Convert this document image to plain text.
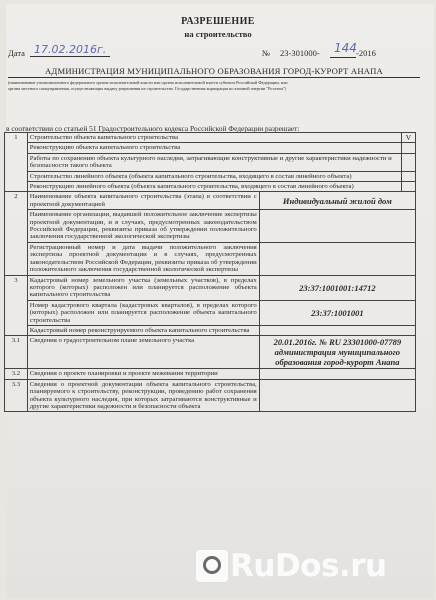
РАЗРЕШЕНИЕ
на строительство
Дата 17.02.2016г.	№ 23-301000- 144 -2016
АДМИНИСТРАЦИЯ МУНИЦИПАЛЬНОГО ОБРАЗОВАНИЯ ГОРОД-КУРОРТ АНАПА
(наименование уполномоченного федерального органа исполнительной власти или органа исполнительной власти субъекта Российской Федерации, или
органа местного самоуправления, осуществляющих выдачу разрешения на строительство. Государственная корпорация по атомной энергии "Росатом")
в соответствии со статьей 51 Градостроительного кодекса Российской Федерации разрешает:
1	Строительство объекта капитального строительства		V
	Реконструкцию объекта капитального строительства		
	Работы по сохранению объекта культурного наследия, затрагивающие конструктивные и другие характеристики надежности и безопасности такого объекта		
	Строительство линейного объекта (объекта капитального строительства, входящего в состав линейного объекта)		
	Реконструкцию линейного объекта (объекта капитального строительства, входящего в состав линейного объекта)		
2	Наименование объекта капитального строительства (этапа) в соответствии с проектной документацией	Индивидуальный жилой дом	
	Наименование организации, выдавшей положительное заключение экспертизы проектной документации, и в случаях, предусмотренных законодательством Российской Федерации, реквизиты приказа об утверждении положительного заключения государственной экологической экспертизы		
	Регистрационный номер и дата выдачи положительного заключения экспертизы проектной документации и в случаях, предусмотренных законодательством Российской Федерации, реквизиты приказа об утверждении положительного заключения государственной экологической экспертизы		
3	Кадастровый номер земельного участка (земельных участков), в пределах которого (которых) расположен или планируется расположение объекта капитального строительства	23:37:1001001:14712	
	Номер кадастрового квартала (кадастровых кварталов), в пределах которого (которых) расположен или планируется расположение объекта капитального строительства	23:37:1001001	
	Кадастровый номер реконструируемого объекта капитального строительства		
3.1	Сведения о градостроительном плане земельного участка	20.01.2016г. № RU 23301000-07789 администрация муниципального образования город-курорт Анапа	
3.2	Сведения о проекте планировки и проекте межевания территории		
3.3	Сведения о проектной документации объекта капитального строительства, планируемого к строительству, реконструкции, проведению работ сохранения объекта культурного наследия, при которых затрагиваются конструктивные и другие характеристики надежности и безопасности объекта		
RuDos.ru
